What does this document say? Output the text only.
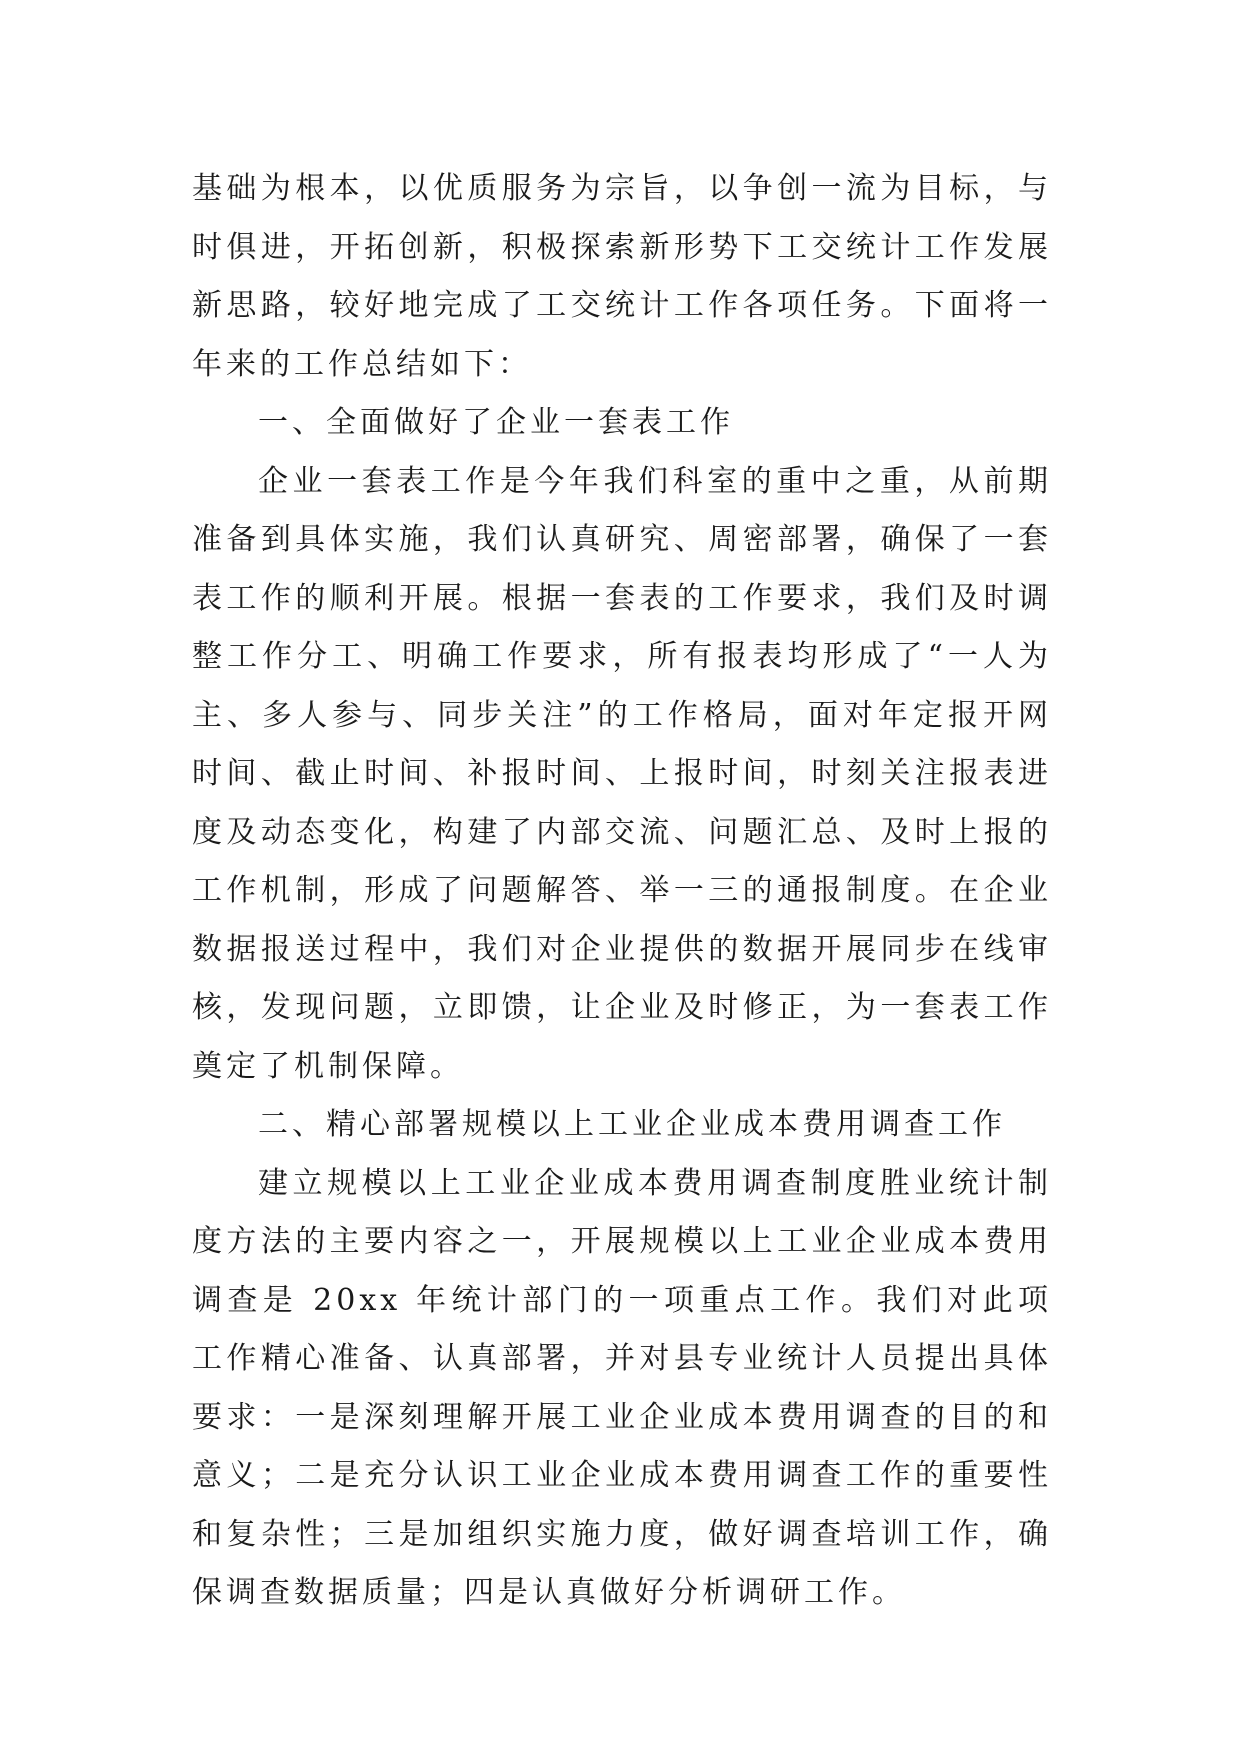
基础为根本，以优质服务为宗旨，以争创一流为目标，与时俱进，开拓创新，积极探索新形势下工交统计工作发展新思路，较好地完成了工交统计工作各项任务。下面将一年来的工作总结如下：

一、全面做好了企业一套表工作

企业一套表工作是今年我们科室的重中之重，从前期准备到具体实施，我们认真研究、周密部署，确保了一套表工作的顺利开展。根据一套表的工作要求，我们及时调整工作分工、明确工作要求，所有报表均形成了“一人为主、多人参与、同步关注”的工作格局，面对年定报开网时间、截止时间、补报时间、上报时间，时刻关注报表进度及动态变化，构建了内部交流、问题汇总、及时上报的工作机制，形成了问题解答、举一三的通报制度。在企业数据报送过程中，我们对企业提供的数据开展同步在线审核，发现问题，立即馈，让企业及时修正，为一套表工作奠定了机制保障。

二、精心部署规模以上工业企业成本费用调查工作

建立规模以上工业企业成本费用调查制度胜业统计制度方法的主要内容之一，开展规模以上工业企业成本费用调查是 20xx 年统计部门的一项重点工作。我们对此项工作精心准备、认真部署，并对县专业统计人员提出具体要求：一是深刻理解开展工业企业成本费用调查的目的和意义；二是充分认识工业企业成本费用调查工作的重要性和复杂性；三是加组织实施力度，做好调查培训工作，确保调查数据质量；四是认真做好分析调研工作。
